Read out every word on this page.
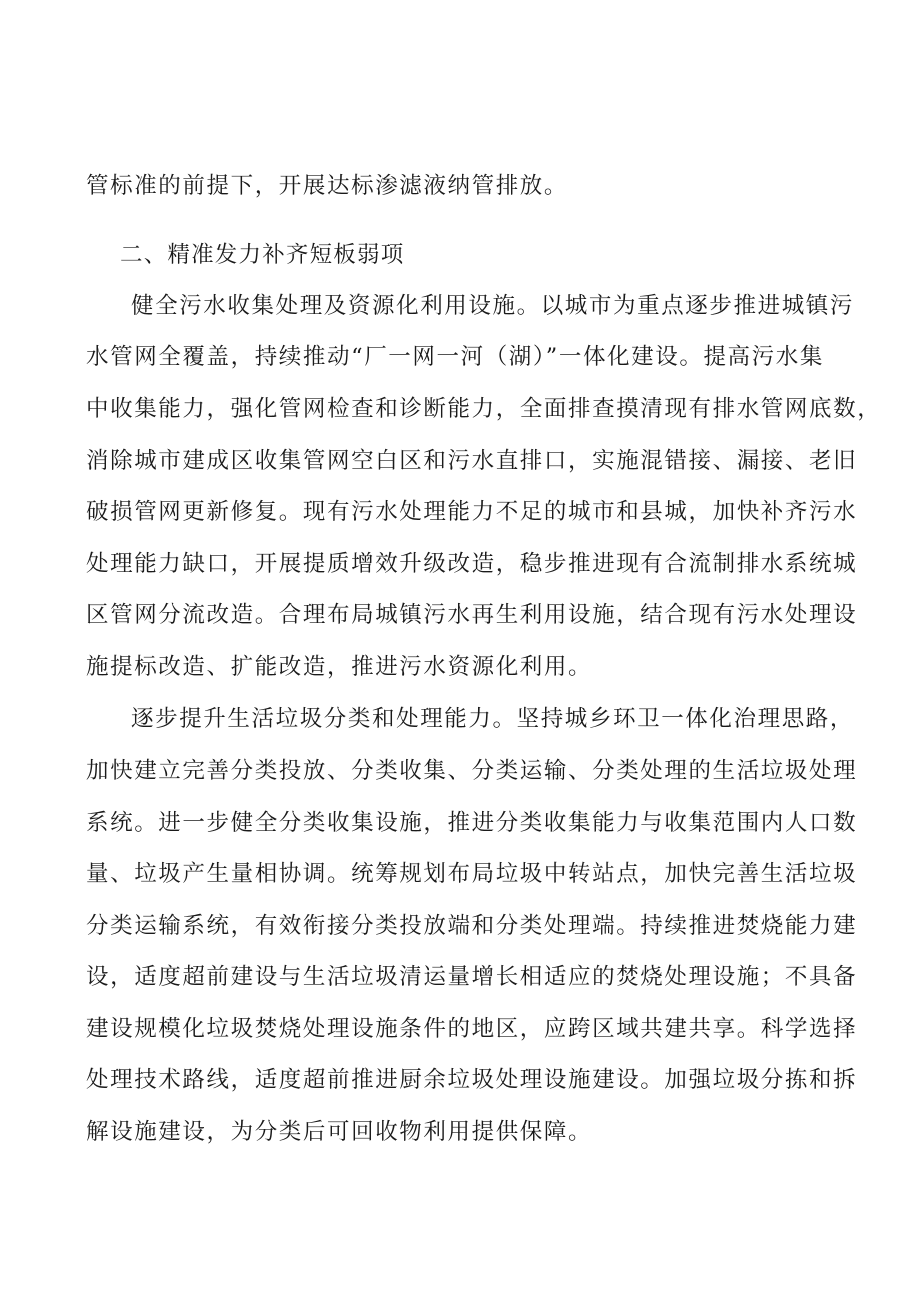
管标准的前提下，开展达标渗滤液纳管排放。
二、精准发力补齐短板弱项
健全污水收集处理及资源化利用设施。以城市为重点逐步推进城镇污
水管网全覆盖，持续推动“厂一网一河（湖）”一体化建设。提高污水集
中收集能力，强化管网检查和诊断能力，全面排查摸清现有排水管网底数，
消除城市建成区收集管网空白区和污水直排口，实施混错接、漏接、老旧
破损管网更新修复。现有污水处理能力不足的城市和县城，加快补齐污水
处理能力缺口，开展提质增效升级改造，稳步推进现有合流制排水系统城
区管网分流改造。合理布局城镇污水再生利用设施，结合现有污水处理设
施提标改造、扩能改造，推进污水资源化利用。
逐步提升生活垃圾分类和处理能力。坚持城乡环卫一体化治理思路，
加快建立完善分类投放、分类收集、分类运输、分类处理的生活垃圾处理
系统。进一步健全分类收集设施，推进分类收集能力与收集范围内人口数
量、垃圾产生量相协调。统筹规划布局垃圾中转站点，加快完善生活垃圾
分类运输系统，有效衔接分类投放端和分类处理端。持续推进焚烧能力建
设，适度超前建设与生活垃圾清运量增长相适应的焚烧处理设施；不具备
建设规模化垃圾焚烧处理设施条件的地区，应跨区域共建共享。科学选择
处理技术路线，适度超前推进厨余垃圾处理设施建设。加强垃圾分拣和拆
解设施建设，为分类后可回收物利用提供保障。
